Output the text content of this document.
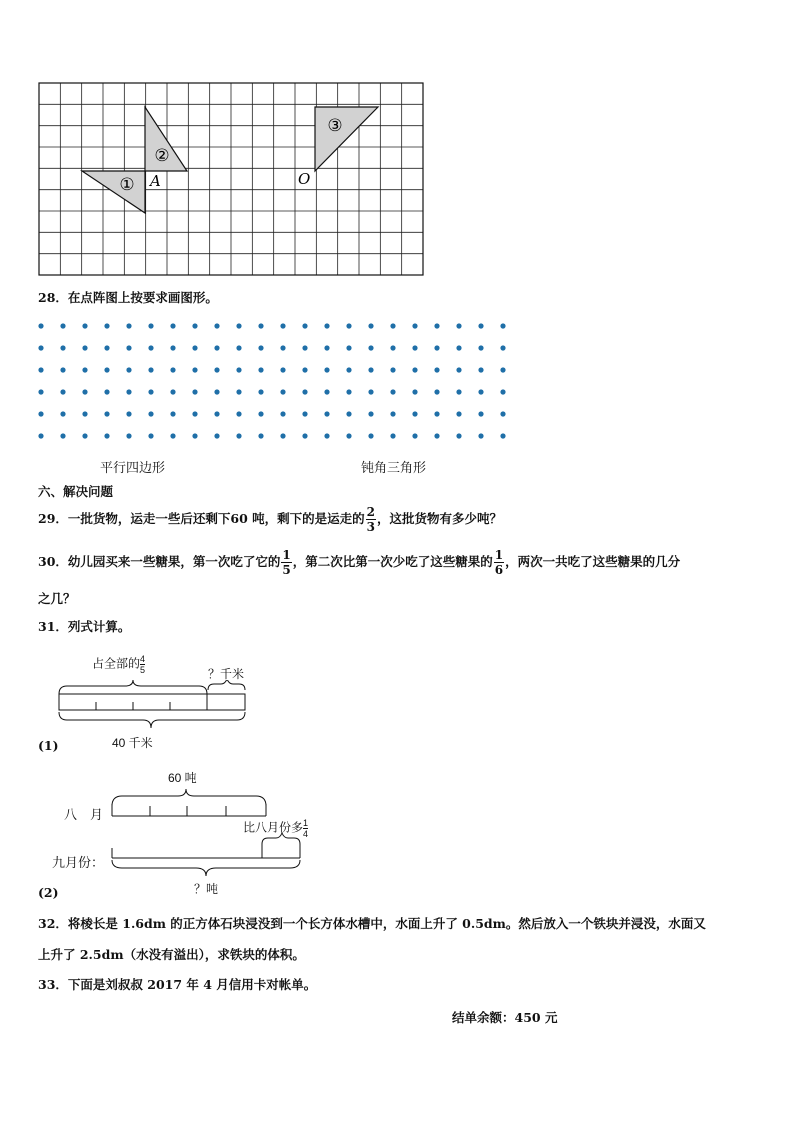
①
②
③
A	O
28．在点阵图上按要求画图形。
平行四边形	钝角三角形
六、解决问题
29．一批货物，运走一些后还剩下60 吨，剩下的是运走的 $\frac{2}{3}$ ，这批货物有多少吨？
30．幼儿园买来一些糖果，第一次吃了它的 $\frac{1}{5}$ ，第二次比第一次少吃了这些糖果的 $\frac{1}{6}$ ，两次一共吃了这些糖果的几分
之几？
31．列式计算。
占全部的 $\frac{4}{5}$	？千米
40 千米
(1)
60 吨
八　月
比八月份多 $\frac{1}{4}$
九月份：
？吨
(2)
32．将棱长是 1.6dm 的正方体石块浸没到一个长方体水槽中，水面上升了 0.5dm。然后放入一个铁块并浸没，水面又
上升了 2.5dm（水没有溢出），求铁块的体积。
33．下面是刘叔叔 2017 年 4 月信用卡对帐单。
结单余额：450 元
